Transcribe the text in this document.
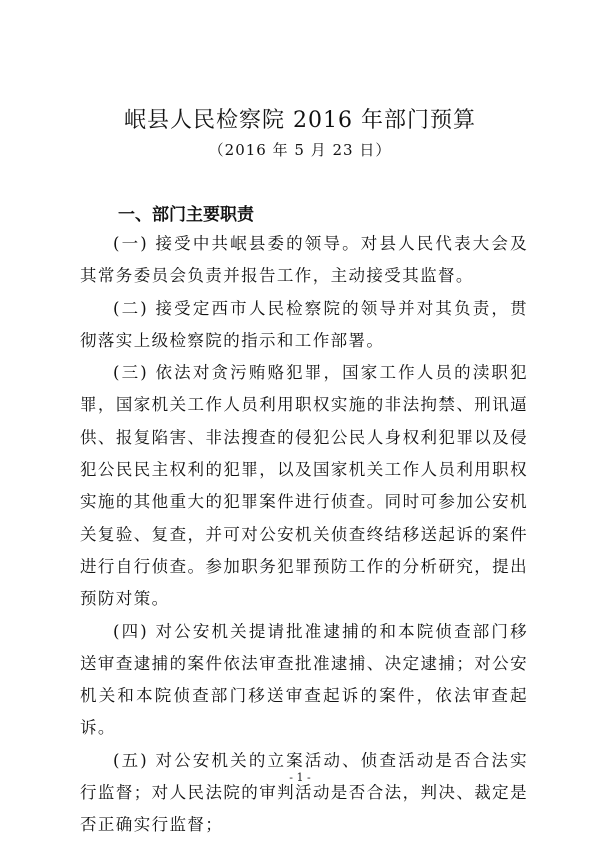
岷县人民检察院 2016 年部门预算
（2016 年 5 月 23 日）
一、部门主要职责

(一) 接受中共岷县委的领导。对县人民代表大会及其常务委员会负责并报告工作，主动接受其监督。

(二) 接受定西市人民检察院的领导并对其负责，贯彻落实上级检察院的指示和工作部署。

(三) 依法对贪污贿赂犯罪，国家工作人员的渎职犯罪，国家机关工作人员利用职权实施的非法拘禁、刑讯逼供、报复陷害、非法搜查的侵犯公民人身权利犯罪以及侵犯公民民主权利的犯罪，以及国家机关工作人员利用职权实施的其他重大的犯罪案件进行侦查。同时可参加公安机关复验、复查，并可对公安机关侦查终结移送起诉的案件进行自行侦查。参加职务犯罪预防工作的分析研究，提出预防对策。

(四) 对公安机关提请批准逮捕的和本院侦查部门移送审查逮捕的案件依法审查批准逮捕、决定逮捕；对公安机关和本院侦查部门移送审查起诉的案件，依法审查起诉。

(五) 对公安机关的立案活动、侦查活动是否合法实行监督；对人民法院的审判活动是否合法，判决、裁定是否正确实行监督；

- 1 -
